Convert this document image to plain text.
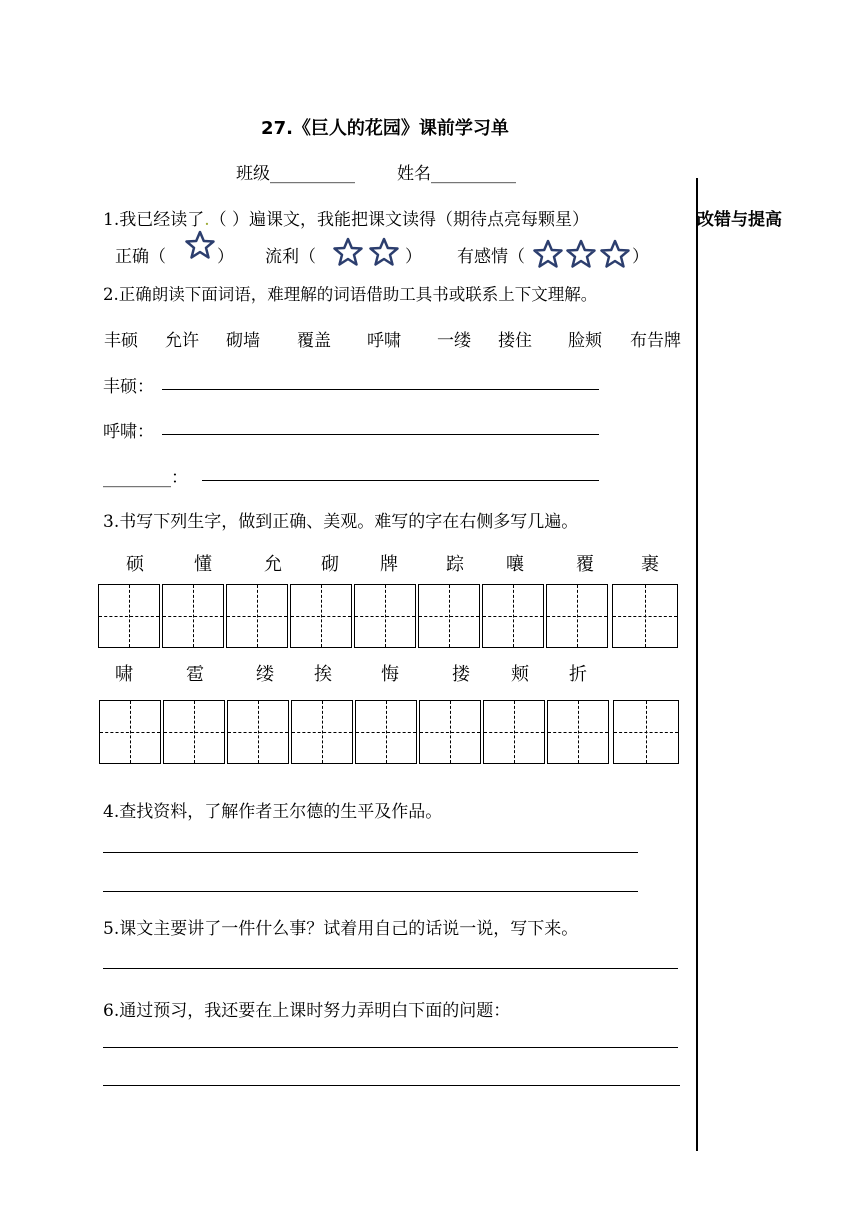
27.《巨人的花园》课前学习单
班级__________ 姓名__________
改错与提高
1.我已经读了.（ ）遍课文，我能把课文读得（期待点亮每颗星）
正确（	） 流利（	） 有感情（	）
2.正确朗读下面词语，难理解的词语借助工具书或联系上下文理解。
丰硕 允许 砌墙 覆盖 呼啸 一缕 搂住 脸颊 布告牌
丰硕：
呼啸：
________：
3.书写下列生字，做到正确、美观。难写的字在右侧多写几遍。
硕	懂	允 砌 牌	踪 嚷	覆	裹
啸	雹	缕 挨	悔	搂 颊 折
4.查找资料，了解作者王尔德的生平及作品。
5.课文主要讲了一件什么事？试着用自己的话说一说，写下来。
6.通过预习，我还要在上课时努力弄明白下面的问题：
